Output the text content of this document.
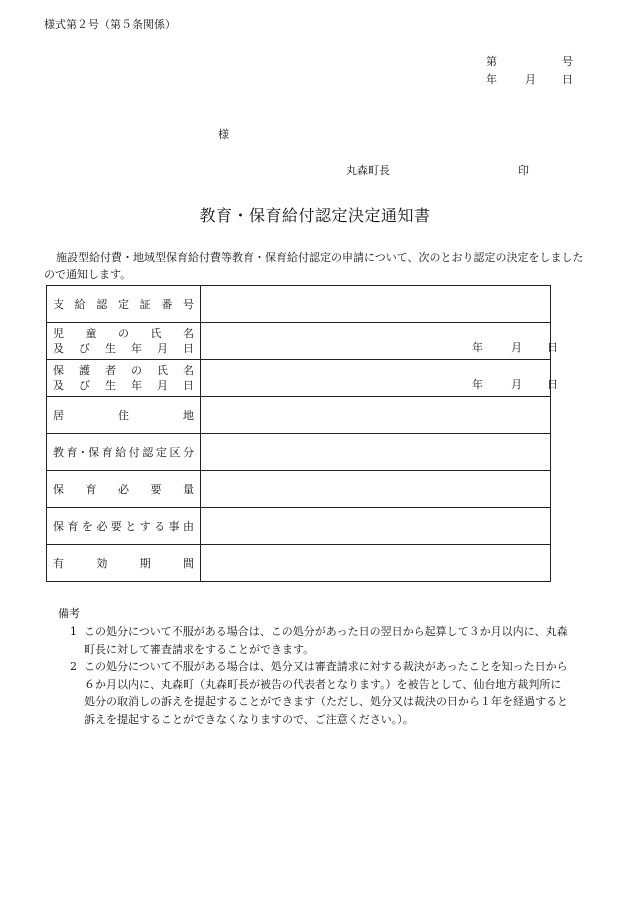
様式第２号（第５条関係）
第	号
年	月 日
様
丸森町長	印
教育・保育給付認定決定通知書
施設型給付費・地域型保育給付費等教育・保育給付認定の申請について、次のとおり認定の決定をしましたので通知します。
支給認定証番号	

児童の氏名
及び生年月日	年 月 日

保護者の氏名
及び生年月日	年 月 日

居住地	

教育･保育給付認定区分	

保育必要量	

保育を必要とする事由	

有効期間	

備考
1 この処分について不服がある場合は、この処分があった日の翌日から起算して３か月以内に、丸森町長に対して審査請求をすることができます。
2 この処分について不服がある場合は、処分又は審査請求に対する裁決があったことを知った日から６か月以内に、丸森町（丸森町長が被告の代表者となります。）を被告として、仙台地方裁判所に処分の取消しの訴えを提起することができます（ただし、処分又は裁決の日から１年を経過すると訴えを提起することができなくなりますので、ご注意ください。）。
